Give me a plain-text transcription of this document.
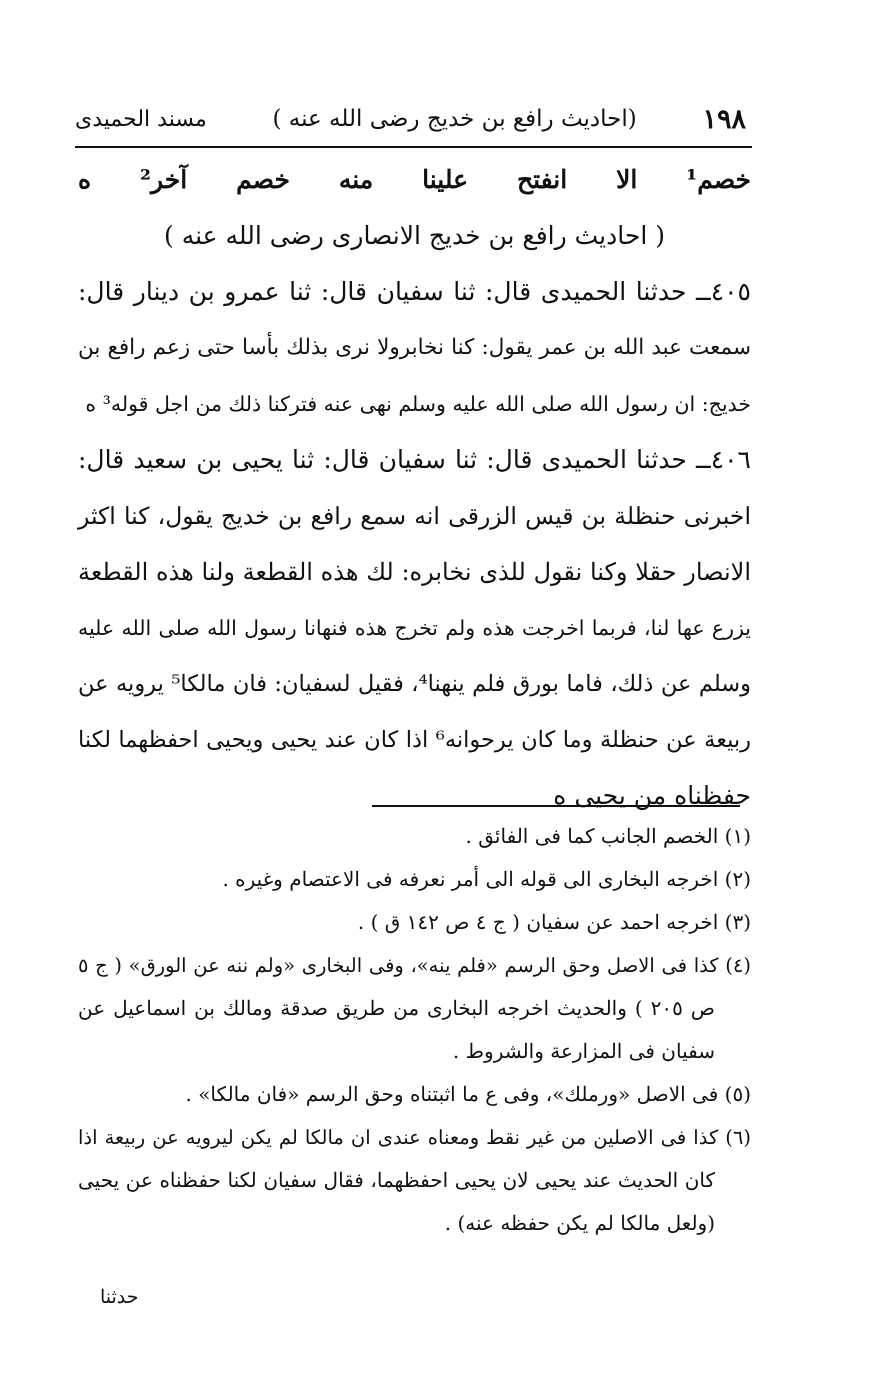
١٩٨
(احاديث رافع بن خديج رضى الله عنه )
مسند الحميدى
خصم¹ الا انفتح علينا منه خصم آخر² ه
( احاديث رافع بن خديج الانصارى رضى الله عنه )
٤٠٥ــ حدثنا الحميدى قال: ثنا سفيان قال: ثنا عمرو بن دينار قال:
سمعت عبد الله بن عمر يقول: كنا نخابرولا نرى بذلك بأسا حتى زعم رافع بن
خديج: ان رسول الله صلى الله عليه وسلم نهى عنه فتركنا ذلك من اجل قوله³ ه
٤٠٦ــ حدثنا الحميدى قال: ثنا سفيان قال: ثنا يحيى بن سعيد قال:
اخبرنى حنظلة بن قيس الزرقى انه سمع رافع بن خديج يقول، كنا اكثر
الانصار حقلا وكنا نقول للذى نخابره: لك هذه القطعة ولنا هذه القطعة
يزرع عها لنا، فربما اخرجت هذه ولم تخرج هذه فنهانا رسول الله صلى الله عليه
وسلم عن ذلك، فاما بورق فلم ينهنا⁴، فقيل لسفيان: فان مالكا⁵ يرويه عن
ربيعة عن حنظلة وما كان يرحوانه⁶ اذا كان عند يحيى ويحيى احفظهما لكنا
حفظناه من يحيى ه
(١) الخصم الجانب كما فى الفائق .
(٢) اخرجه البخارى الى قوله الى أمر نعرفه فى الاعتصام وغيره .
(٣) اخرجه احمد عن سفيان ( ج ٤ ص ١٤٢ ق ) .
(٤) كذا فى الاصل وحق الرسم «فلم ينه»، وفى البخارى «ولم ننه عن الورق» ( ج ٥
ص ٢٠٥ ) والحديث اخرجه البخارى من طريق صدقة ومالك بن اسماعيل عن
سفيان فى المزارعة والشروط .
(٥) فى الاصل «ورملك»، وفى ع ما اثبتناه وحق الرسم «فان مالكا» .
(٦) كذا فى الاصلين من غير نقط ومعناه عندى ان مالكا لم يكن ليرويه عن ربيعة اذا
كان الحديث عند يحيى لان يحيى احفظهما، فقال سفيان لكنا حفظناه عن يحيى
(ولعل مالكا لم يكن حفظه عنه) .
حدثنا
